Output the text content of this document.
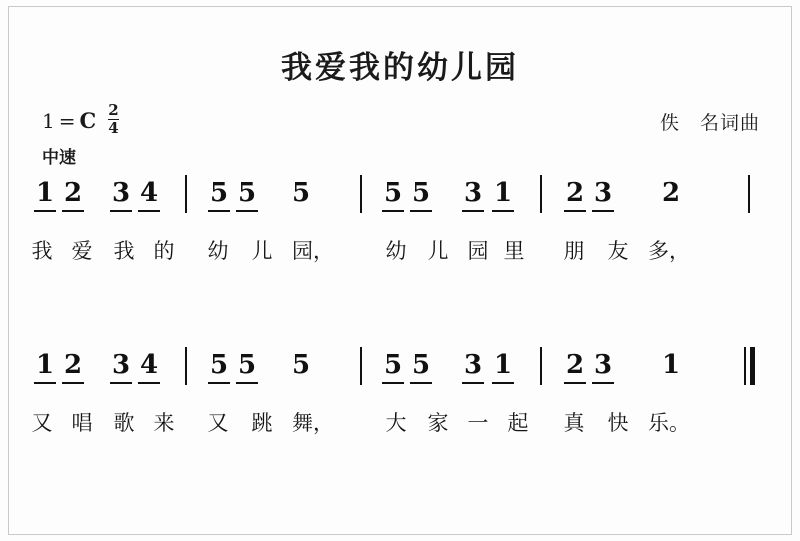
我爱我的幼儿园
1 = C $\frac{2}{4}$
中速
佚　名词曲
1 2 3 4 5 5 5	5 5 3 1 2 3 2
我 爱 我 的 幼 儿 园， 幼 儿 园 里 朋 友 多，
1 2 3 4 5 5 5	5 5 3 1 2 3 1
又 唱 歌 来 又 跳 舞， 大 家 一 起 真 快 乐。
